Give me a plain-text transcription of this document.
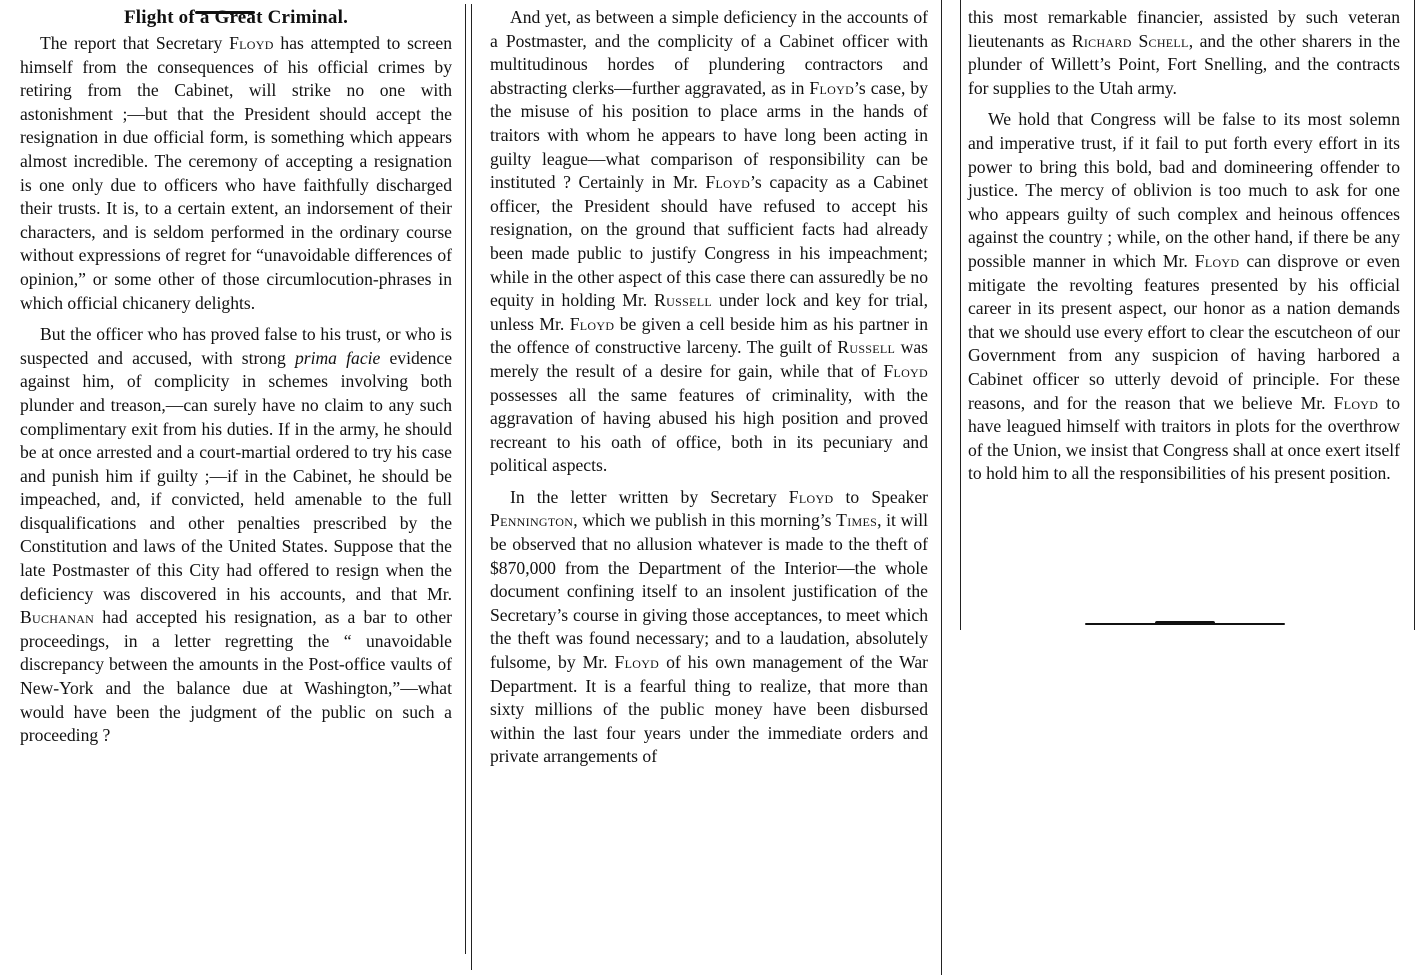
Flight of a Great Criminal.

The report that Secretary Floyd has attempted to screen himself from the consequences of his official crimes by retiring from the Cabinet, will strike no one with astonishment ;—but that the President should accept the resignation in due official form, is something which appears almost incredible. The ceremony of accepting a resignation is one only due to officers who have faithfully discharged their trusts. It is, to a certain extent, an indorsement of their characters, and is seldom performed in the ordinary course without expressions of regret for “unavoidable differences of opinion,” or some other of those circumlocution-phrases in which official chicanery delights.

But the officer who has proved false to his trust, or who is suspected and accused, with strong prima facie evidence against him, of complicity in schemes involving both plunder and treason,—can surely have no claim to any such complimentary exit from his duties. If in the army, he should be at once arrested and a court-martial ordered to try his case and punish him if guilty ;—if in the Cabinet, he should be impeached, and, if convicted, held amenable to the full disqualifications and other penalties prescribed by the Constitution and laws of the United States. Suppose that the late Postmaster of this City had offered to resign when the deficiency was discovered in his accounts, and that Mr. Buchanan had accepted his resignation, as a bar to other proceedings, in a letter regretting the “ unavoidable discrepancy between the amounts in the Post-office vaults of New-York and the balance due at Washington,”—what would have been the judgment of the public on such a proceeding ?

And yet, as between a simple deficiency in the accounts of a Postmaster, and the complicity of a Cabinet officer with multitudinous hordes of plundering contractors and abstracting clerks—further aggravated, as in Floyd’s case, by the misuse of his position to place arms in the hands of traitors with whom he appears to have long been acting in guilty league—what comparison of responsibility can be instituted ? Certainly in Mr. Floyd’s capacity as a Cabinet officer, the President should have refused to accept his resignation, on the ground that sufficient facts had already been made public to justify Congress in his impeachment; while in the other aspect of this case there can assuredly be no equity in holding Mr. Russell under lock and key for trial, unless Mr. Floyd be given a cell beside him as his partner in the offence of constructive larceny. The guilt of Russell was merely the result of a desire for gain, while that of Floyd possesses all the same features of criminality, with the aggravation of having abused his high position and proved recreant to his oath of office, both in its pecuniary and political aspects.

In the letter written by Secretary Floyd to Speaker Pennington, which we publish in this morning’s Times, it will be observed that no allusion whatever is made to the theft of $870,000 from the Department of the Interior—the whole document confining itself to an insolent justification of the Secretary’s course in giving those acceptances, to meet which the theft was found necessary; and to a laudation, absolutely fulsome, by Mr. Floyd of his own management of the War Department. It is a fearful thing to realize, that more than sixty millions of the public money have been disbursed within the last four years under the immediate orders and private arrangements of

this most remarkable financier, assisted by such veteran lieutenants as Richard Schell, and the other sharers in the plunder of Willett’s Point, Fort Snelling, and the contracts for supplies to the Utah army.

We hold that Congress will be false to its most solemn and imperative trust, if it fail to put forth every effort in its power to bring this bold, bad and domineering offender to justice. The mercy of oblivion is too much to ask for one who appears guilty of such complex and heinous offences against the country ; while, on the other hand, if there be any possible manner in which Mr. Floyd can disprove or even mitigate the revolting features presented by his official career in its present aspect, our honor as a nation demands that we should use every effort to clear the escutcheon of our Government from any suspicion of having harbored a Cabinet officer so utterly devoid of principle. For these reasons, and for the reason that we believe Mr. Floyd to have leagued himself with traitors in plots for the overthrow of the Union, we insist that Congress shall at once exert itself to hold him to all the responsibilities of his present position.
